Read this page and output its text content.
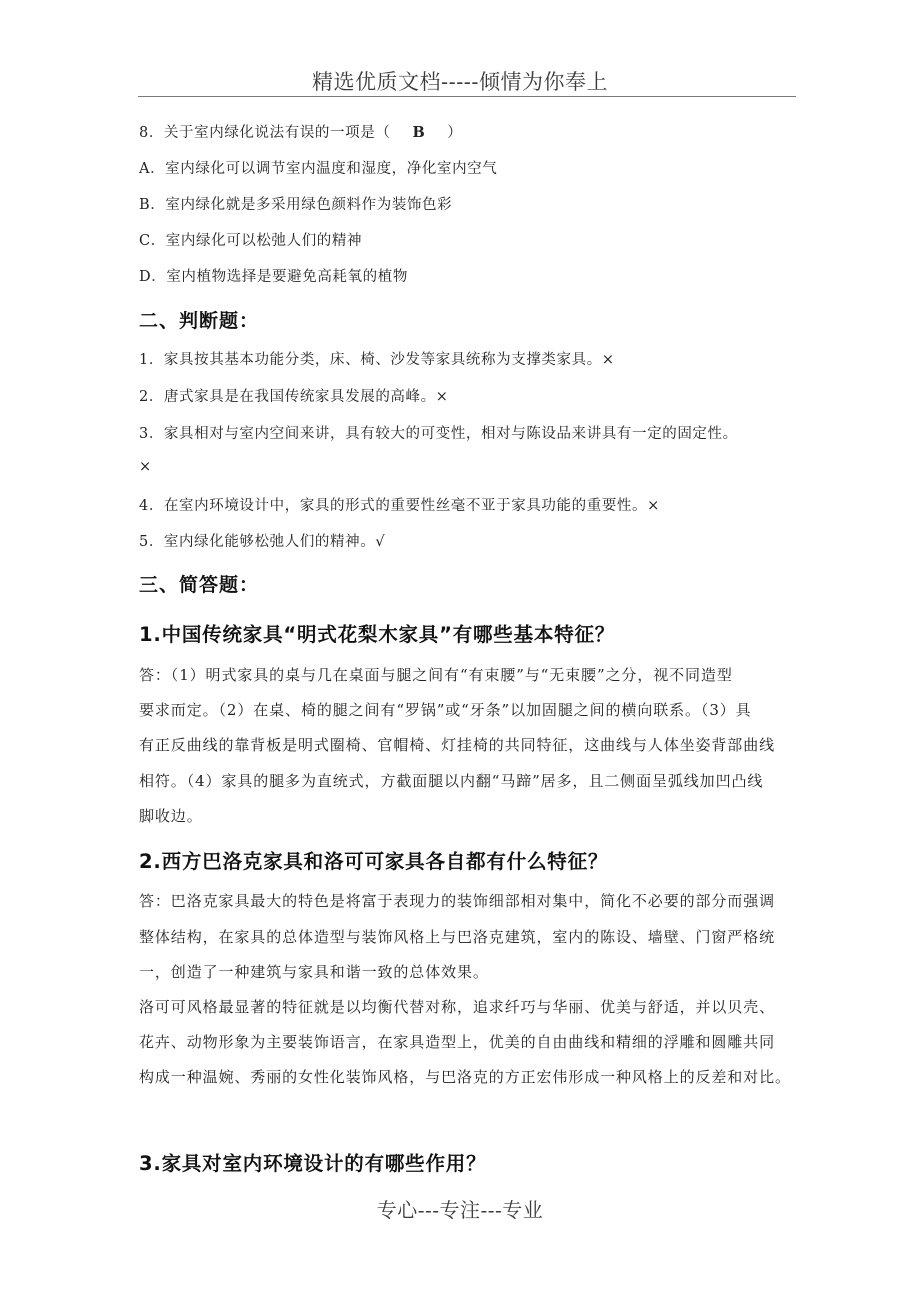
精选优质文档-----倾情为你奉上
8．关于室内绿化说法有误的一项是（ B ）
A．室内绿化可以调节室内温度和湿度，净化室内空气
B．室内绿化就是多采用绿色颜料作为装饰色彩
C．室内绿化可以松弛人们的精神
D．室内植物选择是要避免高耗氧的植物
二、判断题：
1．家具按其基本功能分类，床、椅、沙发等家具统称为支撑类家具。×
2．唐式家具是在我国传统家具发展的高峰。×
3．家具相对与室内空间来讲，具有较大的可变性，相对与陈设品来讲具有一定的固定性。
×
4．在室内环境设计中，家具的形式的重要性丝毫不亚于家具功能的重要性。×
5．室内绿化能够松弛人们的精神。√
三、简答题：
1.中国传统家具“明式花梨木家具”有哪些基本特征？
答：（1）明式家具的桌与几在桌面与腿之间有“有束腰”与“无束腰”之分，视不同造型
要求而定。（2）在桌、椅的腿之间有“罗锅”或“牙条”以加固腿之间的横向联系。（3）具
有正反曲线的靠背板是明式圈椅、官帽椅、灯挂椅的共同特征，这曲线与人体坐姿背部曲线
相符。（4）家具的腿多为直统式，方截面腿以内翻“马蹄”居多，且二侧面呈弧线加凹凸线
脚收边。
2.西方巴洛克家具和洛可可家具各自都有什么特征？
答：巴洛克家具最大的特色是将富于表现力的装饰细部相对集中，简化不必要的部分而强调
整体结构，在家具的总体造型与装饰风格上与巴洛克建筑，室内的陈设、墙壁、门窗严格统
一，创造了一种建筑与家具和谐一致的总体效果。
洛可可风格最显著的特征就是以均衡代替对称，追求纤巧与华丽、优美与舒适，并以贝壳、
花卉、动物形象为主要装饰语言，在家具造型上，优美的自由曲线和精细的浮雕和圆雕共同
构成一种温婉、秀丽的女性化装饰风格，与巴洛克的方正宏伟形成一种风格上的反差和对比。
3.家具对室内环境设计的有哪些作用？
专心---专注---专业
